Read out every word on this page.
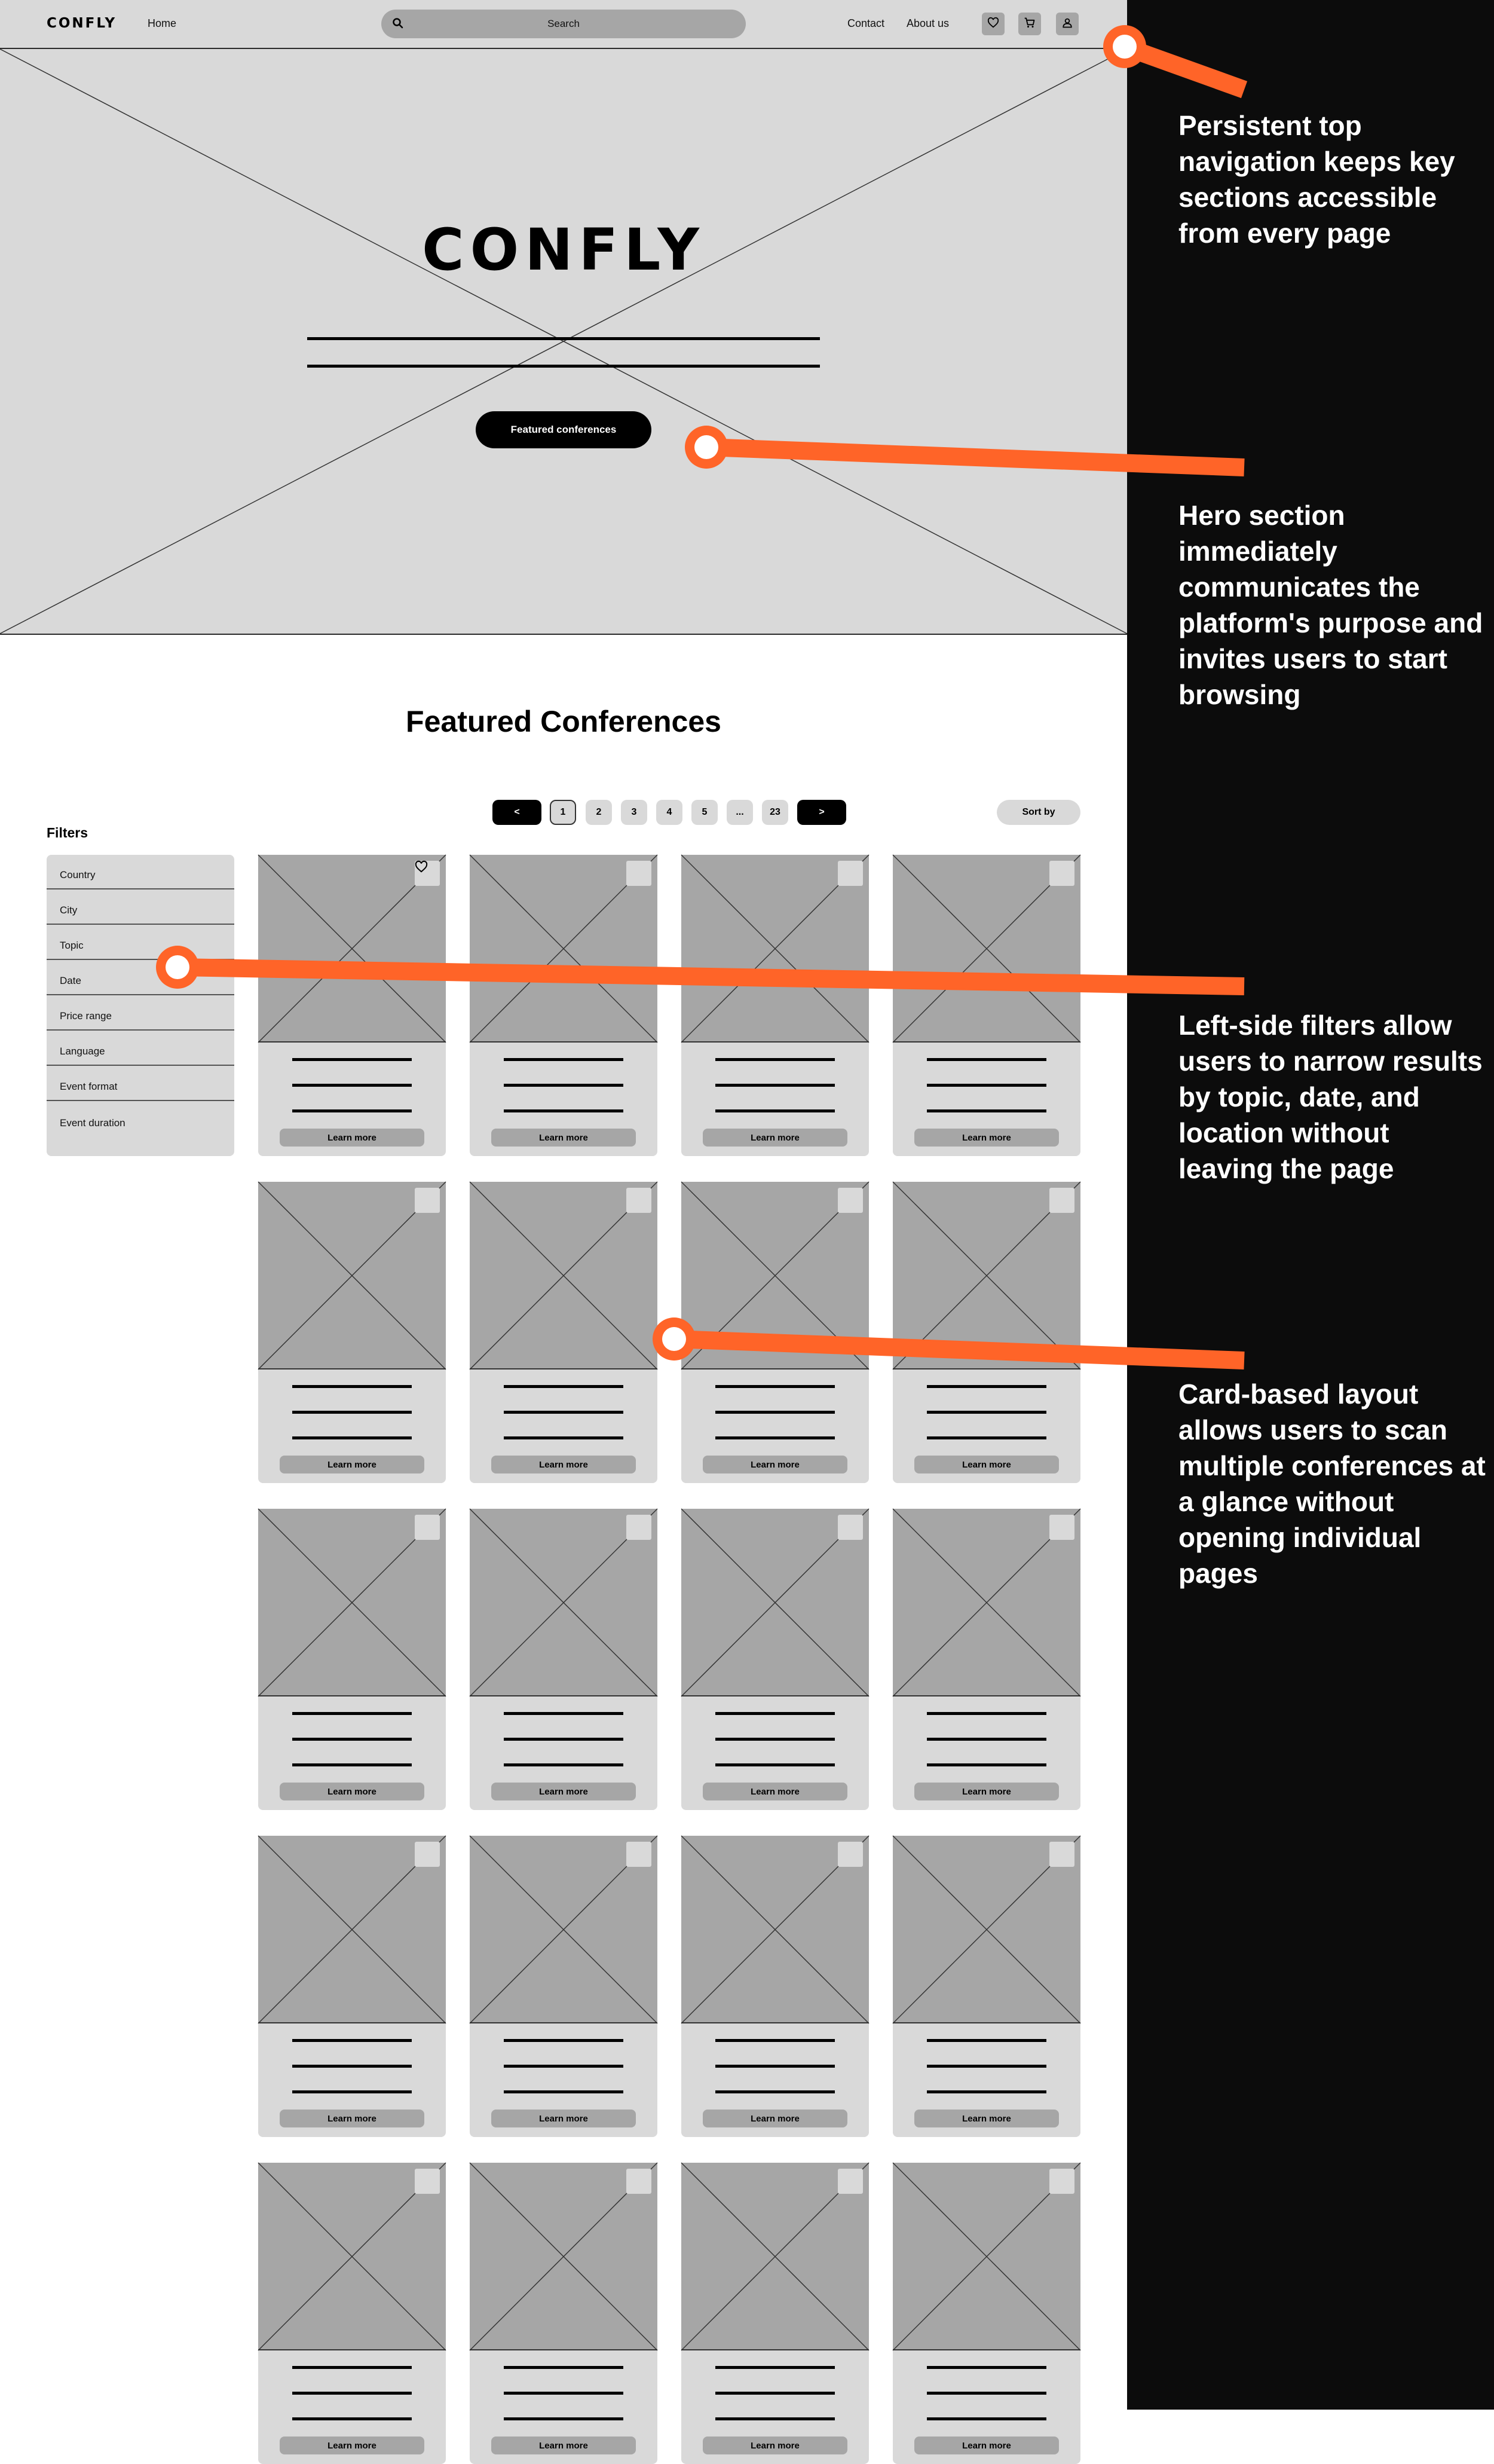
CONFLY	Home	Search	Contact About us
CONFLY
Featured conferences
Featured Conferences
<	1	2	3	4	5	...	23	>	Sort by
Filters
Country
City
Topic
Date
Price range
Language
Event format
Event duration
Learn more	Learn more	Learn more	Learn more
Learn more	Learn more	Learn more	Learn more
Learn more	Learn more	Learn more	Learn more
Learn more	Learn more	Learn more	Learn more
Learn more	Learn more	Learn more	Learn more
Persistent top navigation keeps key sections accessible from every page
Hero section immediately communicates the platform's purpose and invites users to start browsing
Left-side filters allow users to narrow results by topic, date, and location without leaving the page
Card-based layout allows users to scan multiple conferences at a glance without opening individual pages
